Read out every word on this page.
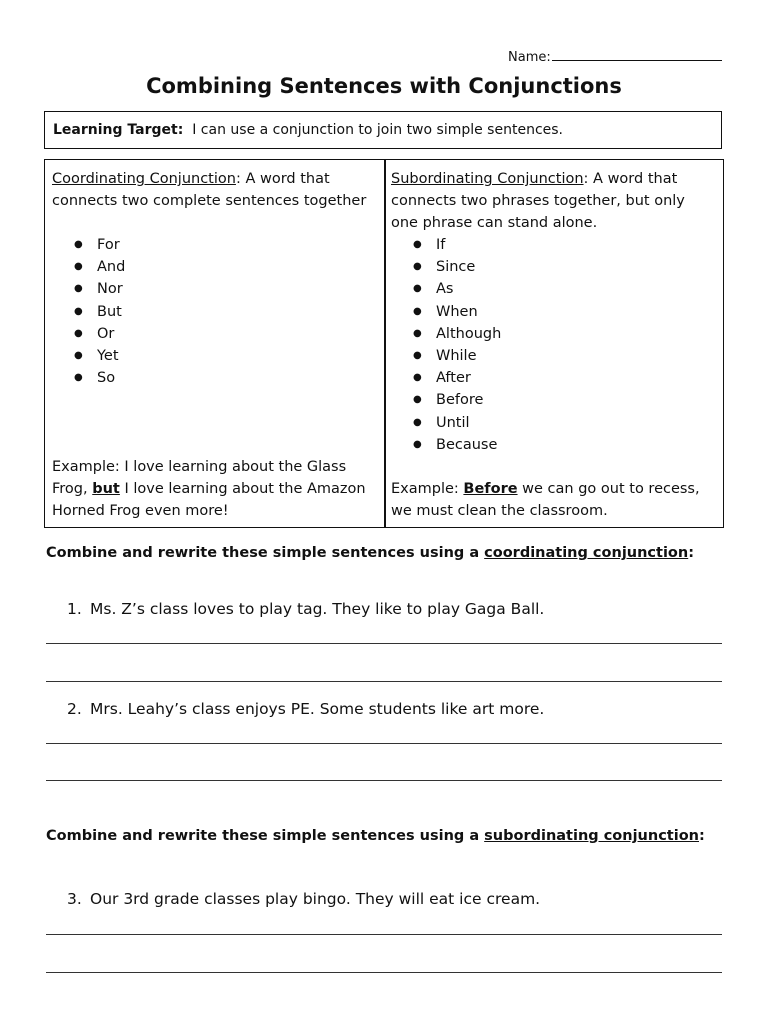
Name:
Combining Sentences with Conjunctions
Learning Target: I can use a conjunction to join two simple sentences.
Coordinating Conjunction: A word that
connects two complete sentences together
● For
● And
● Nor
● But
● Or
● Yet
● So
Example: I love learning about the Glass
Frog, but I love learning about the Amazon
Horned Frog even more!
Subordinating Conjunction: A word that
connects two phrases together, but only
one phrase can stand alone.
● If
● Since
● As
● When
● Although
● While
● After
● Before
● Until
● Because
Example: Before we can go out to recess,
we must clean the classroom.
Combine and rewrite these simple sentences using a coordinating conjunction:
1. Ms. Z’s class loves to play tag. They like to play Gaga Ball.
2. Mrs. Leahy’s class enjoys PE. Some students like art more.
Combine and rewrite these simple sentences using a subordinating conjunction:
3. Our 3rd grade classes play bingo. They will eat ice cream.
